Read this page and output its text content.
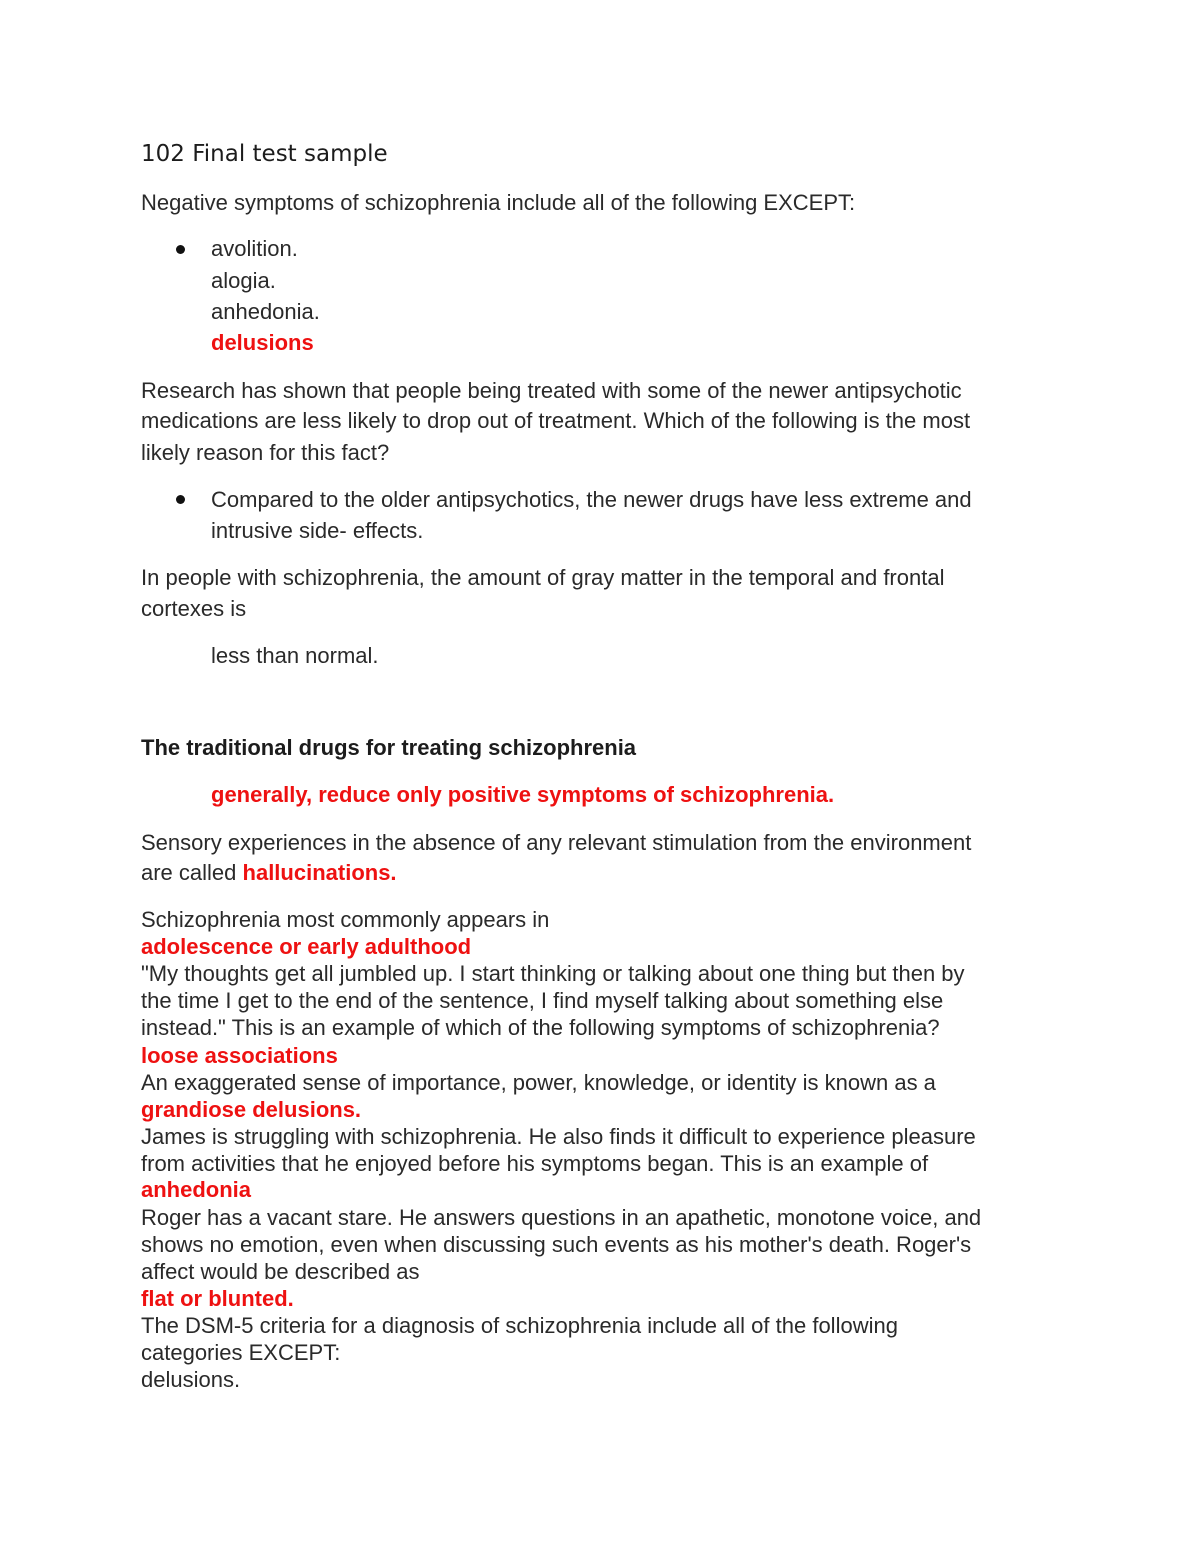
102 Final test sample
Negative symptoms of schizophrenia include all of the following EXCEPT:
avolition.
alogia.
anhedonia.
delusions
Research has shown that people being treated with some of the newer antipsychotic
medications are less likely to drop out of treatment. Which of the following is the most
likely reason for this fact?
Compared to the older antipsychotics, the newer drugs have less extreme and
intrusive side- effects.
In people with schizophrenia, the amount of gray matter in the temporal and frontal
cortexes is
less than normal.
The traditional drugs for treating schizophrenia
generally, reduce only positive symptoms of schizophrenia.
Sensory experiences in the absence of any relevant stimulation from the environment
are called hallucinations.
Schizophrenia most commonly appears in
adolescence or early adulthood
"My thoughts get all jumbled up. I start thinking or talking about one thing but then by
the time I get to the end of the sentence, I find myself talking about something else
instead." This is an example of which of the following symptoms of schizophrenia?
loose associations
An exaggerated sense of importance, power, knowledge, or identity is known as a
grandiose delusions.
James is struggling with schizophrenia. He also finds it difficult to experience pleasure
from activities that he enjoyed before his symptoms began. This is an example of
anhedonia
Roger has a vacant stare. He answers questions in an apathetic, monotone voice, and
shows no emotion, even when discussing such events as his mother's death. Roger's
affect would be described as
flat or blunted.
The DSM-5 criteria for a diagnosis of schizophrenia include all of the following
categories EXCEPT:
delusions.
